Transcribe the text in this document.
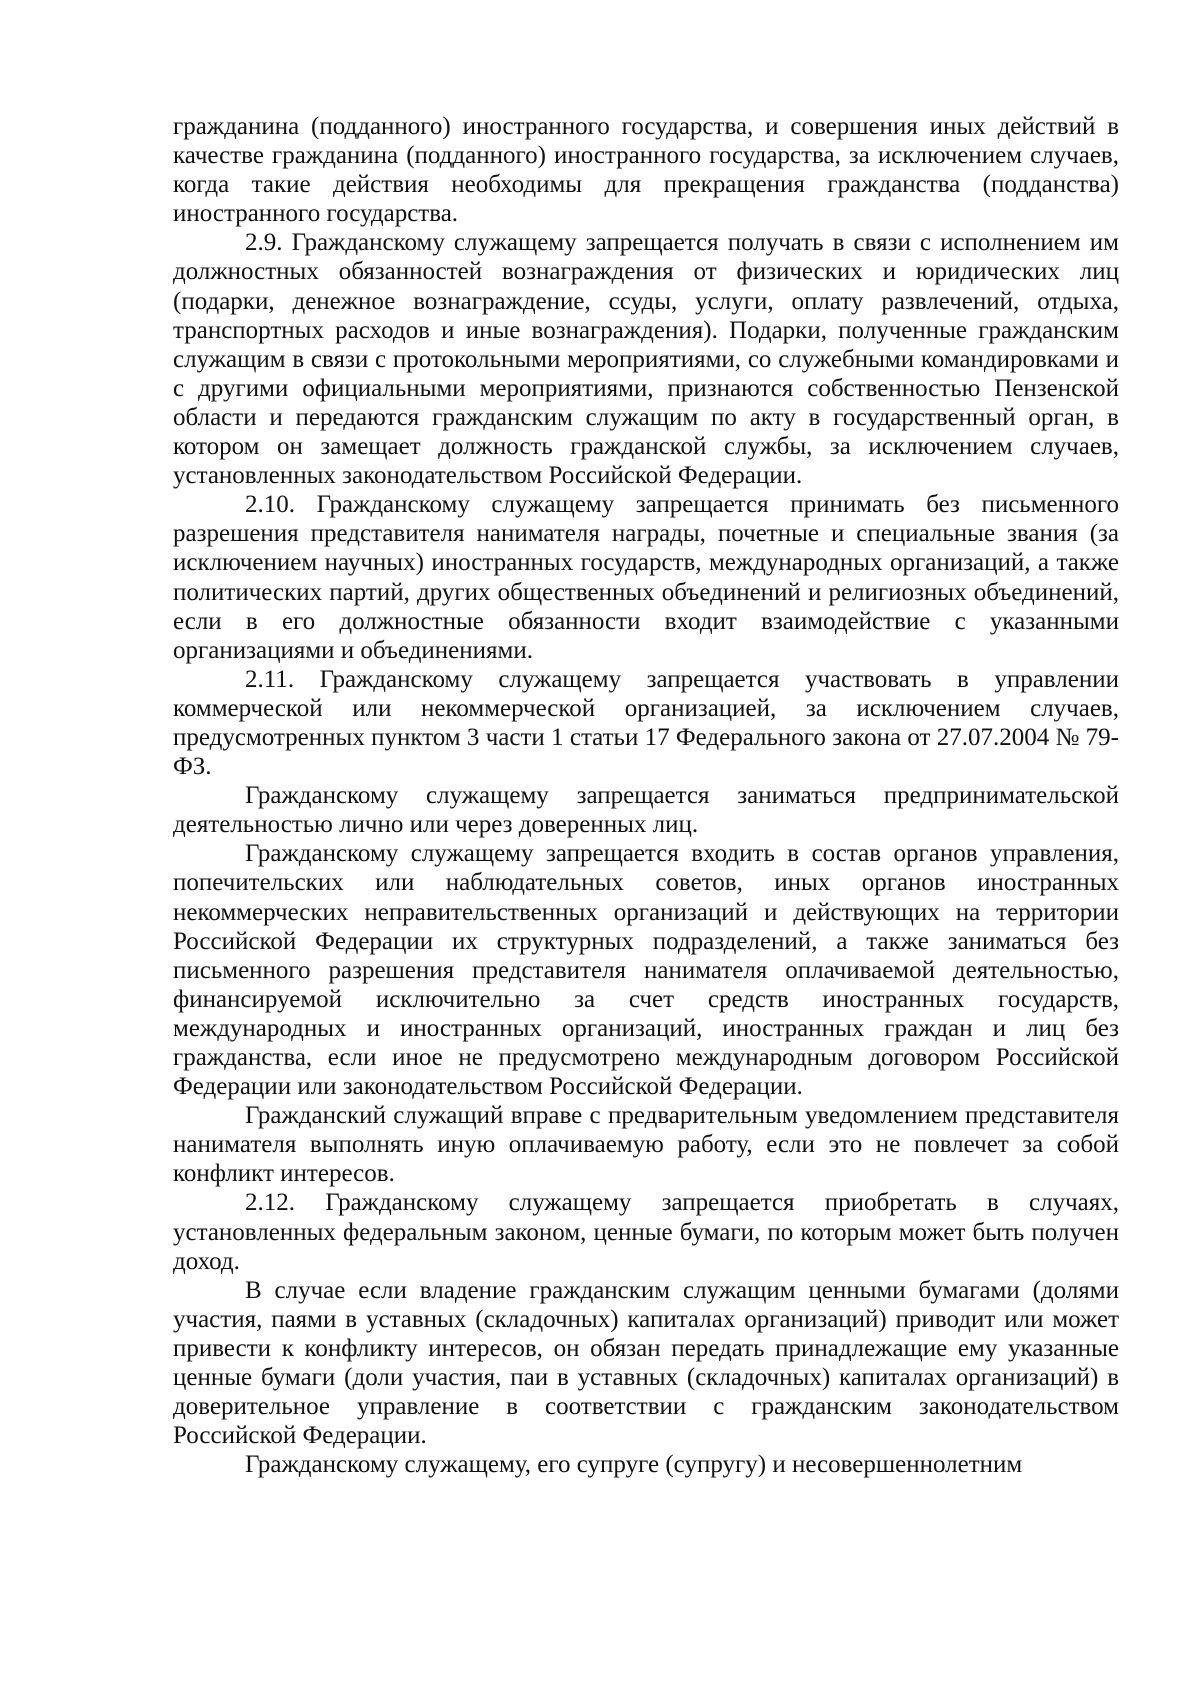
гражданина (подданного) иностранного государства, и совершения иных действий в качестве гражданина (подданного) иностранного государства, за исключением случаев, когда такие действия необходимы для прекращения гражданства (подданства) иностранного государства.

2.9. Гражданскому служащему запрещается получать в связи с исполнением им должностных обязанностей вознаграждения от физических и юридических лиц (подарки, денежное вознаграждение, ссуды, услуги, оплату развлечений, отдыха, транспортных расходов и иные вознаграждения). Подарки, полученные гражданским служащим в связи с протокольными мероприятиями, со служебными командировками и с другими официальными мероприятиями, признаются собственностью Пензенской области и передаются гражданским служащим по акту в государственный орган, в котором он замещает должность гражданской службы, за исключением случаев, установленных законодательством Российской Федерации.

2.10. Гражданскому служащему запрещается принимать без письменного разрешения представителя нанимателя награды, почетные и специальные звания (за исключением научных) иностранных государств, международных организаций, а также политических партий, других общественных объединений и религиозных объединений, если в его должностные обязанности входит взаимодействие с указанными организациями и объединениями.

2.11. Гражданскому служащему запрещается участвовать в управлении коммерческой или некоммерческой организацией, за исключением случаев, предусмотренных пунктом 3 части 1 статьи 17 Федерального закона от 27.07.2004 № 79-ФЗ.

Гражданскому служащему запрещается заниматься предпринимательской деятельностью лично или через доверенных лиц.

Гражданскому служащему запрещается входить в состав органов управления, попечительских или наблюдательных советов, иных органов иностранных некоммерческих неправительственных организаций и действующих на территории Российской Федерации их структурных подразделений, а также заниматься без письменного разрешения представителя нанимателя оплачиваемой деятельностью, финансируемой исключительно за счет средств иностранных государств, международных и иностранных организаций, иностранных граждан и лиц без гражданства, если иное не предусмотрено международным договором Российской Федерации или законодательством Российской Федерации.

Гражданский служащий вправе с предварительным уведомлением представителя нанимателя выполнять иную оплачиваемую работу, если это не повлечет за собой конфликт интересов.

2.12. Гражданскому служащему запрещается приобретать в случаях, установленных федеральным законом, ценные бумаги, по которым может быть получен доход.

В случае если владение гражданским служащим ценными бумагами (долями участия, паями в уставных (складочных) капиталах организаций) приводит или может привести к конфликту интересов, он обязан передать принадлежащие ему указанные ценные бумаги (доли участия, паи в уставных (складочных) капиталах организаций) в доверительное управление в соответствии с гражданским законодательством Российской Федерации.

Гражданскому служащему, его супруге (супругу) и несовершеннолетним
